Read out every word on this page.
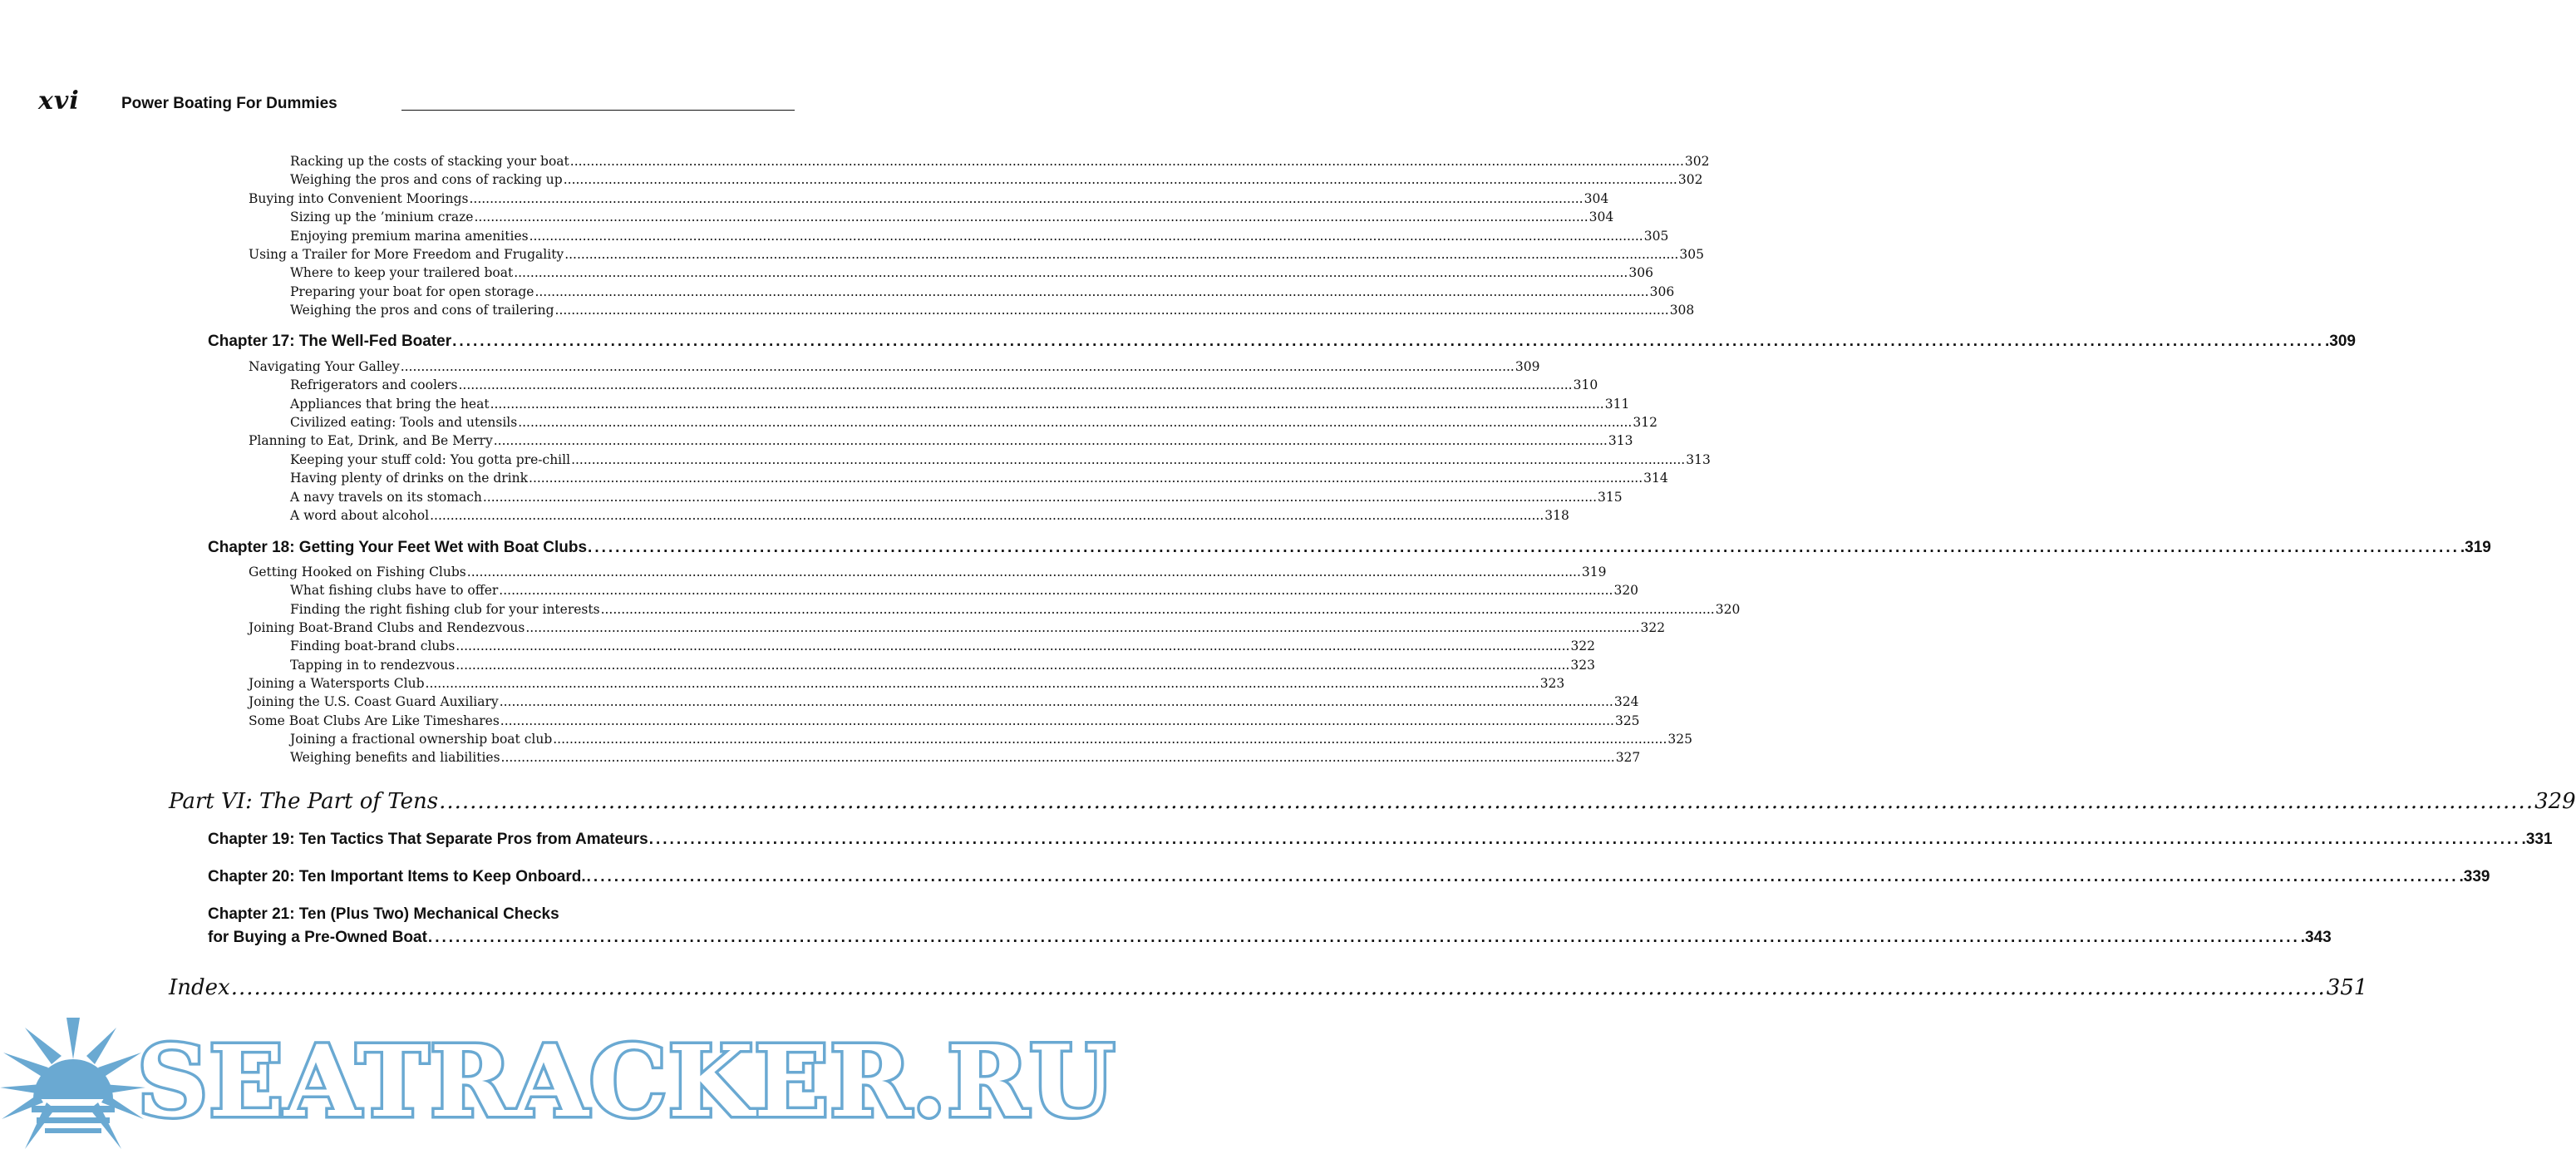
xvi	Power Boating For Dummies
Racking up the costs of stacking your boat .....	302
Weighing the pros and cons of racking up .....	302
Buying into Convenient Moorings .....	304
Sizing up the ’minium craze .....	304
Enjoying premium marina amenities .....	305
Using a Trailer for More Freedom and Frugality .....	305
Where to keep your trailered boat .....	306
Preparing your boat for open storage .....	306
Weighing the pros and cons of trailering .....	308
Chapter 17: The Well-Fed Boater .....	.309
Navigating Your Galley .....	309
Refrigerators and coolers .....	310
Appliances that bring the heat .....	311
Civilized eating: Tools and utensils .....	312
Planning to Eat, Drink, and Be Merry .....	313
Keeping your stuff cold: You gotta pre-chill .....	313
Having plenty of drinks on the drink .....	314
A navy travels on its stomach .....	315
A word about alcohol .....	318
Chapter 18: Getting Your Feet Wet with Boat Clubs .....	.319
Getting Hooked on Fishing Clubs .....	319
What fishing clubs have to offer .....	320
Finding the right fishing club for your interests .....	320
Joining Boat-Brand Clubs and Rendezvous .....	322
Finding boat-brand clubs .....	322
Tapping in to rendezvous .....	323
Joining a Watersports Club .....	323
Joining the U.S. Coast Guard Auxiliary .....	324
Some Boat Clubs Are Like Timeshares .....	325
Joining a fractional ownership boat club .....	325
Weighing benefits and liabilities .....	327
Part VI: The Part of Tens .....	329
Chapter 19: Ten Tactics That Separate Pros from Amateurs .....	.331
Chapter 20: Ten Important Items to Keep Onboard. .....	.339
Chapter 21: Ten (Plus Two) Mechanical Checks
for Buying a Pre-Owned Boat .....	.343
Index .....	351
SEATRACKER.RU
